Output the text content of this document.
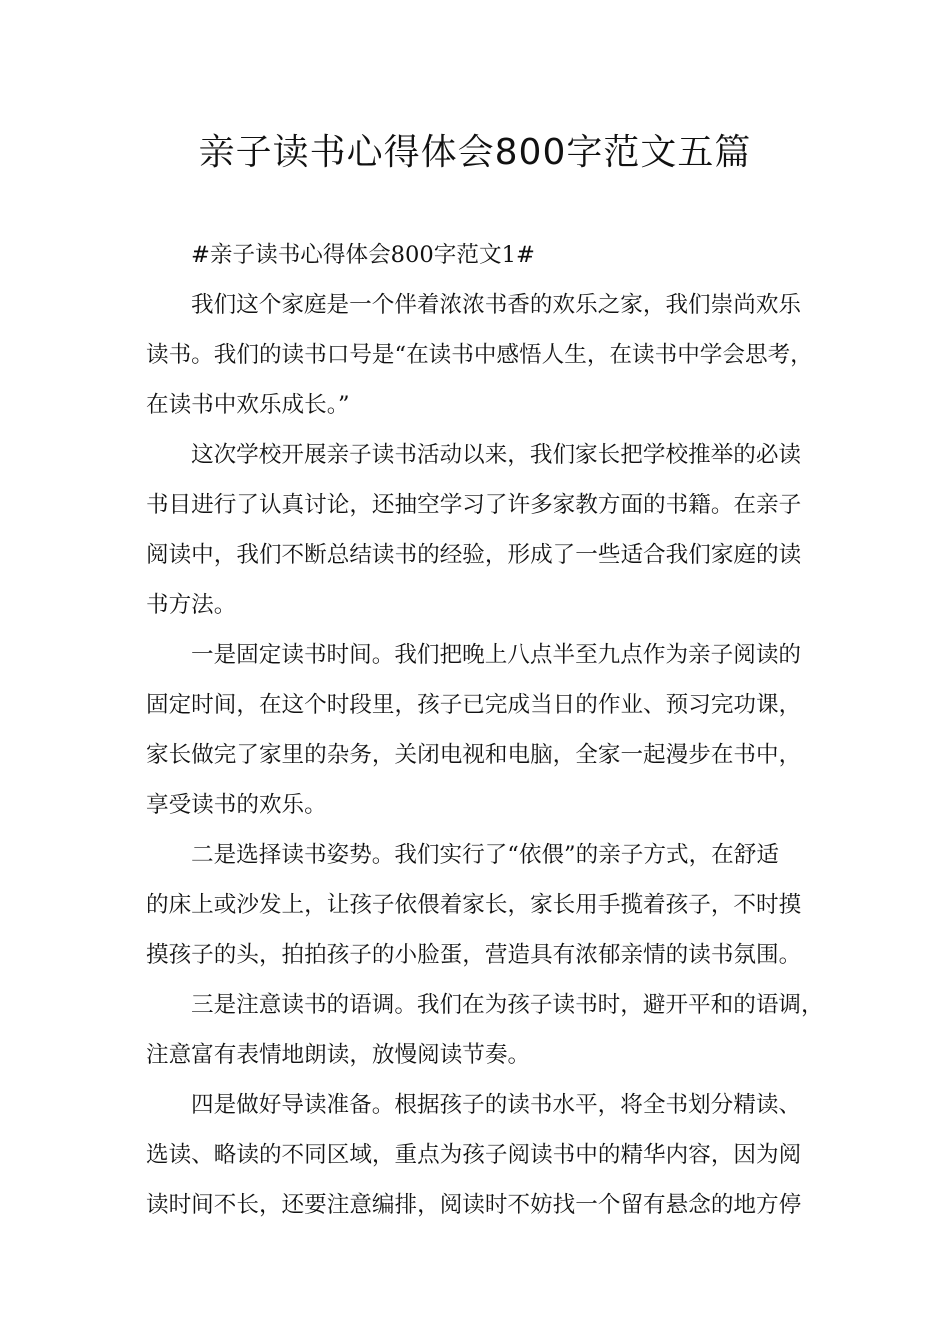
亲子读书心得体会800字范文五篇
#亲子读书心得体会800字范文1#
我们这个家庭是一个伴着浓浓书香的欢乐之家，我们崇尚欢乐
读书。我们的读书口号是“在读书中感悟人生，在读书中学会思考，
在读书中欢乐成长。”
这次学校开展亲子读书活动以来，我们家长把学校推举的必读
书目进行了认真讨论，还抽空学习了许多家教方面的书籍。在亲子
阅读中，我们不断总结读书的经验，形成了一些适合我们家庭的读
书方法。
一是固定读书时间。我们把晚上八点半至九点作为亲子阅读的
固定时间，在这个时段里，孩子已完成当日的作业、预习完功课，
家长做完了家里的杂务，关闭电视和电脑，全家一起漫步在书中，
享受读书的欢乐。
二是选择读书姿势。我们实行了“依偎”的亲子方式，在舒适
的床上或沙发上，让孩子依偎着家长，家长用手揽着孩子，不时摸
摸孩子的头，拍拍孩子的小脸蛋，营造具有浓郁亲情的读书氛围。
三是注意读书的语调。我们在为孩子读书时，避开平和的语调，
注意富有表情地朗读，放慢阅读节奏。
四是做好导读准备。根据孩子的读书水平，将全书划分精读、
选读、略读的不同区域，重点为孩子阅读书中的精华内容，因为阅
读时间不长，还要注意编排，阅读时不妨找一个留有悬念的地方停
